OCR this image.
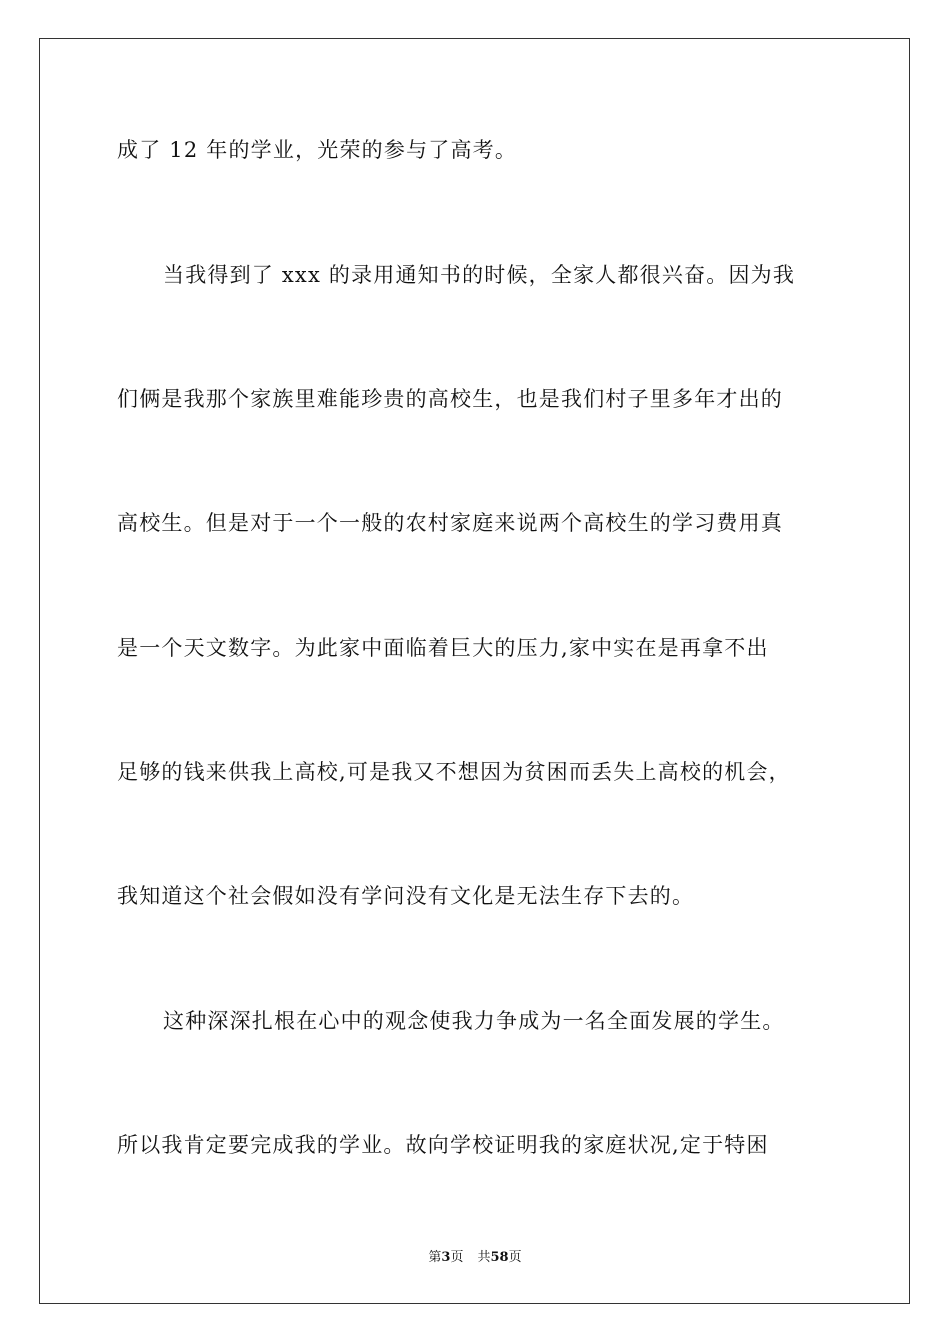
成了 12 年的学业，光荣的参与了高考。
当我得到了 xxx 的录用通知书的时候，全家人都很兴奋。因为我
们俩是我那个家族里难能珍贵的高校生，也是我们村子里多年才出的
高校生。但是对于一个一般的农村家庭来说两个高校生的学习费用真
是一个天文数字。为此家中面临着巨大的压力,家中实在是再拿不出
足够的钱来供我上高校,可是我又不想因为贫困而丢失上高校的机会，
我知道这个社会假如没有学问没有文化是无法生存下去的。
这种深深扎根在心中的观念使我力争成为一名全面发展的学生。
所以我肯定要完成我的学业。故向学校证明我的家庭状况,定于特困
第3页 共58页
